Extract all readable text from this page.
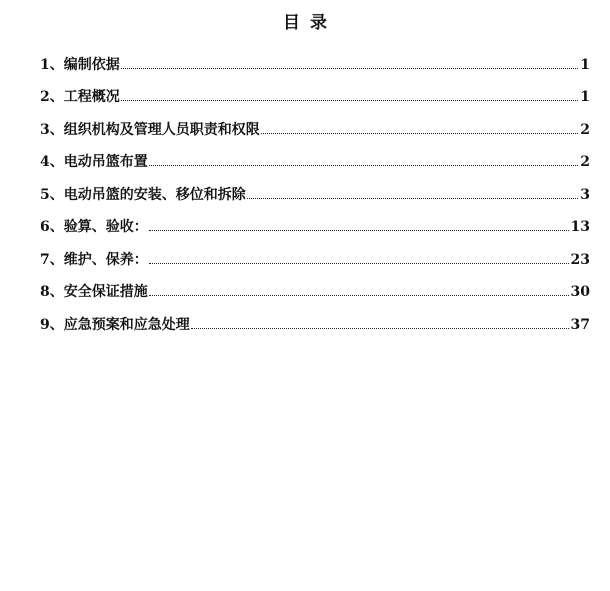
目录
1、编制依据	1
2、工程概况	1
3、组织机构及管理人员职责和权限	2
4、电动吊篮布置	2
5、电动吊篮的安装、移位和拆除	3
6、验算、验收：	13
7、维护、保养：	23
8、安全保证措施	30
9、应急预案和应急处理	37
